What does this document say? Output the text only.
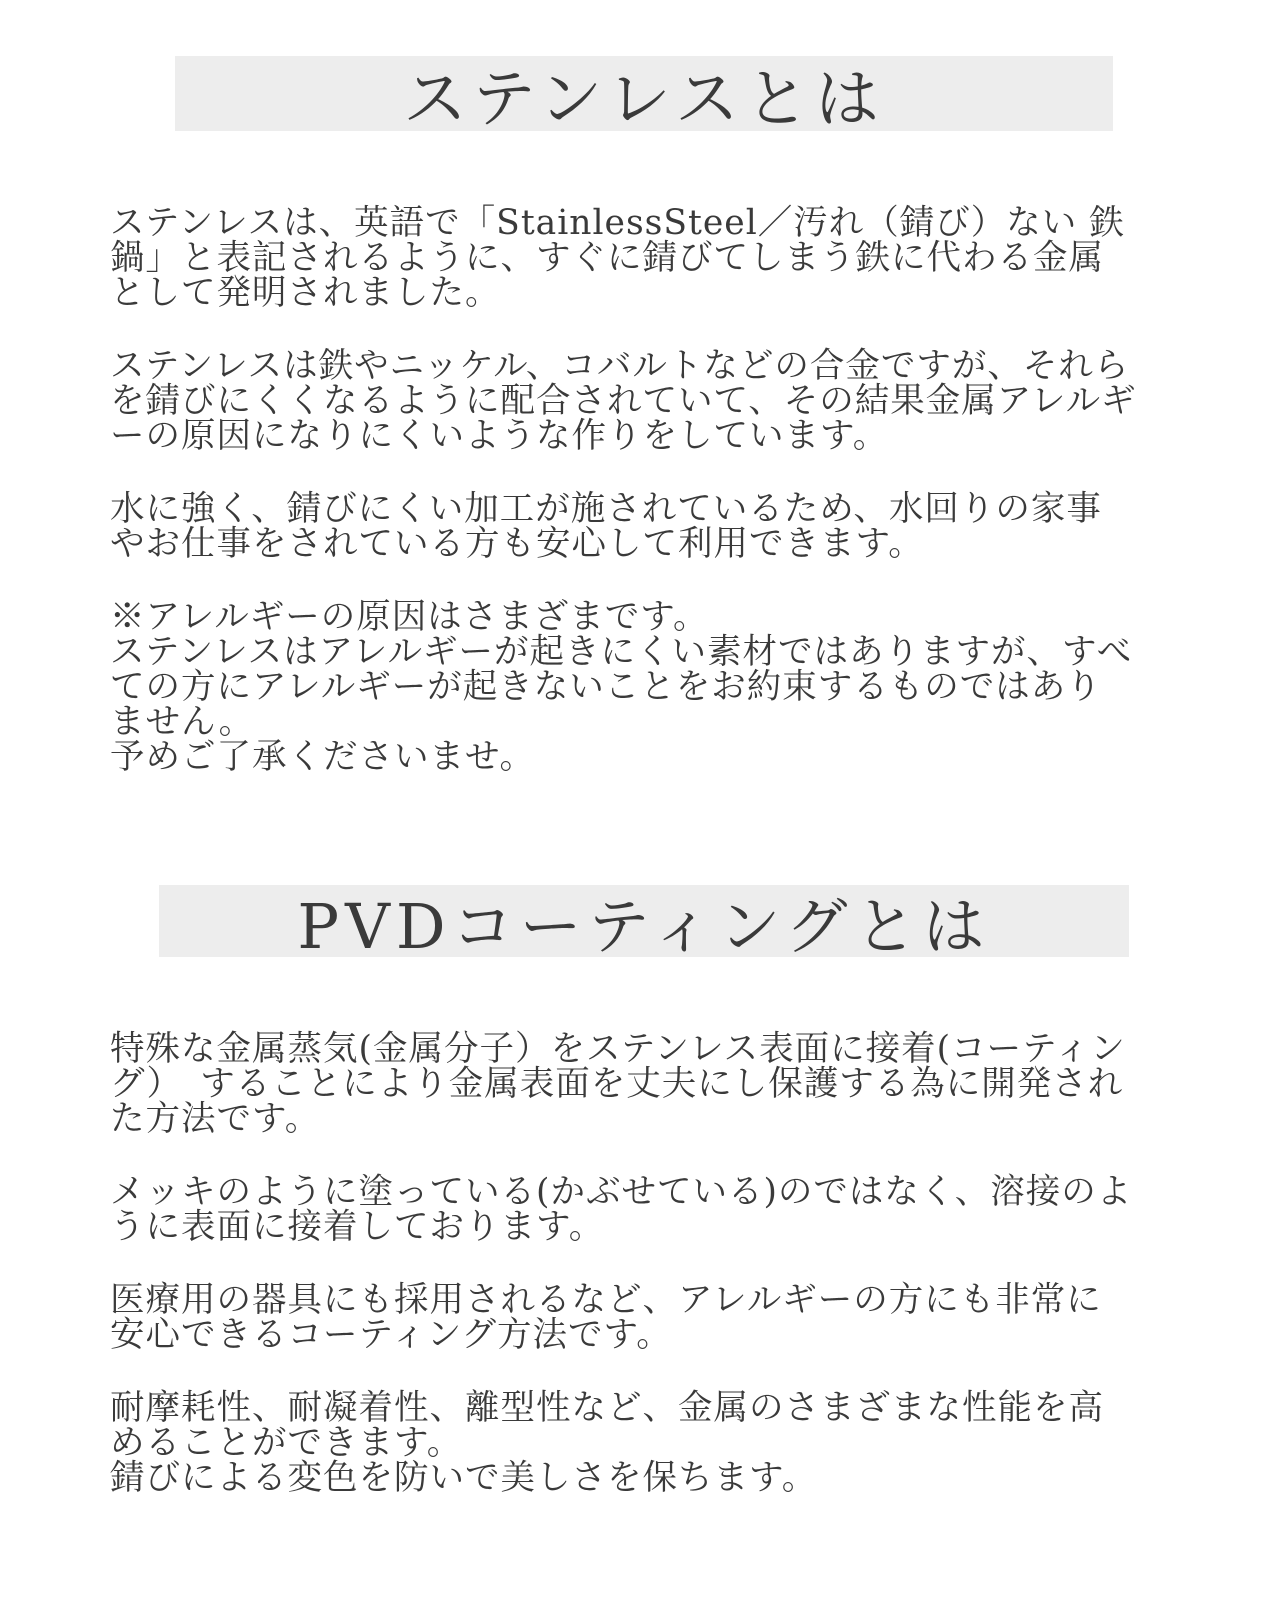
ステンレスとは

ステンレスは、英語で「StainlessSteel／汚れ（錆び）ない 鉄
鍋」と表記されるように、すぐに錆びてしまう鉄に代わる金属
として発明されました。

ステンレスは鉄やニッケル、コバルトなどの合金ですが、それら
を錆びにくくなるように配合されていて、その結果金属アレルギ
ーの原因になりにくいような作りをしています。

水に強く、錆びにくい加工が施されているため、水回りの家事
やお仕事をされている方も安心して利用できます。

※アレルギーの原因はさまざまです。
ステンレスはアレルギーが起きにくい素材ではありますが、すべ
ての方にアレルギーが起きないことをお約束するものではあり
ません。
予めご了承くださいませ。

PVDコーティングとは

特殊な金属蒸気(金属分子）をステンレス表面に接着(コーティン
グ）　することにより金属表面を丈夫にし保護する為に開発され
た方法です。

メッキのように塗っている(かぶせている)のではなく、溶接のよ
うに表面に接着しております。

医療用の器具にも採用されるなど、アレルギーの方にも非常に
安心できるコーティング方法です。

耐摩耗性、耐凝着性、離型性など、金属のさまざまな性能を高
めることができます。
錆びによる変色を防いで美しさを保ちます。
